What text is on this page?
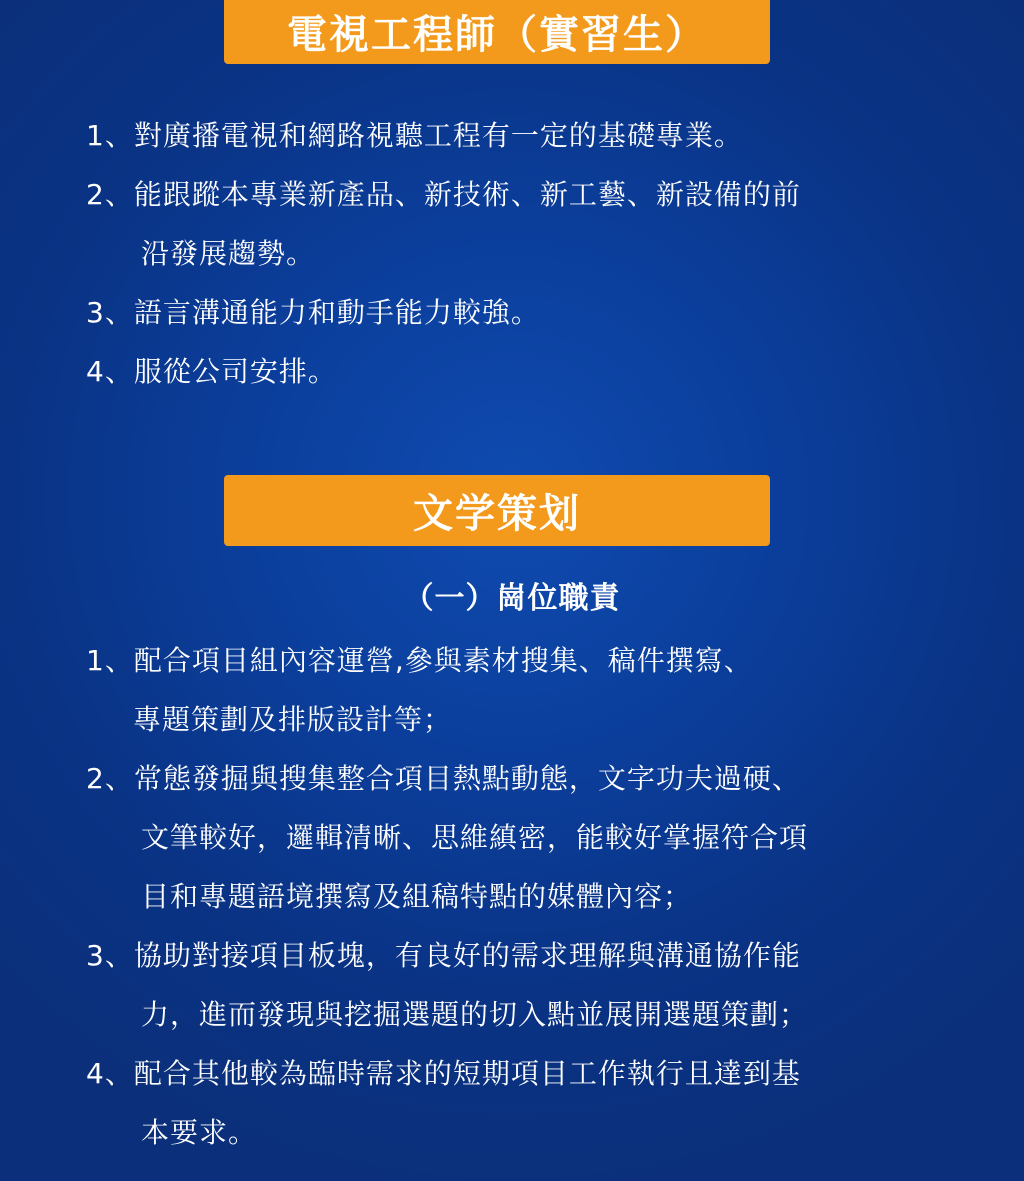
電視工程師（實習生）
1、對廣播電視和網路視聽工程有一定的基礎專業。
2、能跟蹤本專業新產品、新技術、新工藝、新設備的前
沿發展趨勢。
3、語言溝通能力和動手能力較強。
4、服從公司安排。
文学策划
（一）崗位職責
1、配合項目組內容運營,參與素材搜集、稿件撰寫、
專題策劃及排版設計等；
2、常態發掘與搜集整合項目熱點動態，文字功夫過硬、
文筆較好，邏輯清晰、思維縝密，能較好掌握符合項
目和專題語境撰寫及組稿特點的媒體內容；
3、協助對接項目板塊，有良好的需求理解與溝通協作能
力，進而發現與挖掘選題的切入點並展開選題策劃；
4、配合其他較為臨時需求的短期項目工作執行且達到基
本要求。
